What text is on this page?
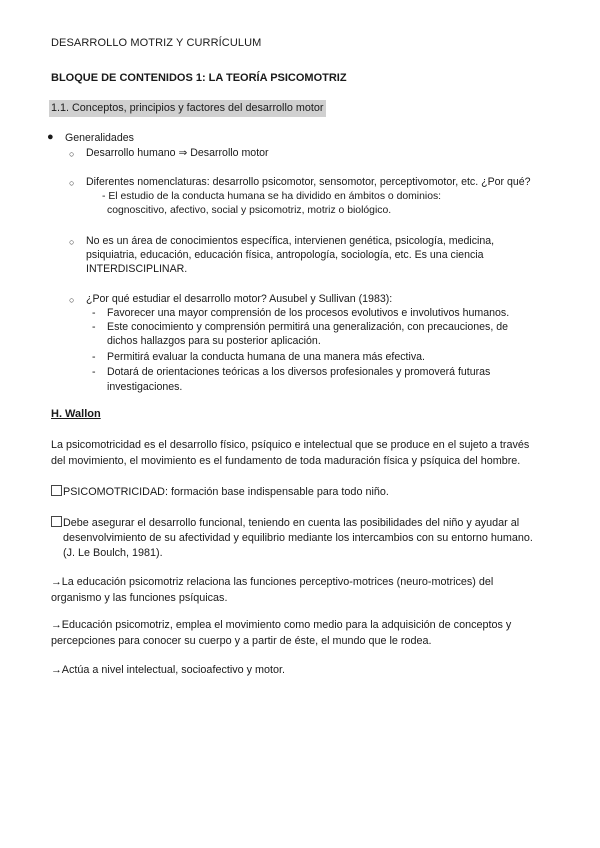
DESARROLLO MOTRIZ Y CURRÍCULUM
BLOQUE DE CONTENIDOS 1: LA TEORÍA PSICOMOTRIZ
1.1. Conceptos, principios y factores del desarrollo motor
● Generalidades
○ Desarrollo humano ⇒ Desarrollo motor
○ Diferentes nomenclaturas: desarrollo psicomotor, sensomotor, perceptivomotor, etc. ¿Por qué?
- El estudio de la conducta humana se ha dividido en ámbitos o dominios:
cognoscitivo, afectivo, social y psicomotriz, motriz o biológico.
○ No es un área de conocimientos específica, intervienen genética, psicología, medicina,
psiquiatria, educación, educación física, antropología, sociología, etc. Es una ciencia
INTERDISCIPLINAR.
○ ¿Por qué estudiar el desarrollo motor? Ausubel y Sullivan (1983):
- Favorecer una mayor comprensión de los procesos evolutivos e involutivos humanos.
- Este conocimiento y comprensión permitirá una generalización, con precauciones, de
dichos hallazgos para su posterior aplicación.
- Permitirá evaluar la conducta humana de una manera más efectiva.
- Dotará de orientaciones teóricas a los diversos profesionales y promoverá futuras
investigaciones.
H. Wallon
La psicomotricidad es el desarrollo físico, psíquico e intelectual que se produce en el sujeto a través
del movimiento, el movimiento es el fundamento de toda maduración física y psíquica del hombre.
PSICOMOTRICIDAD: formación base indispensable para todo niño.
Debe asegurar el desarrollo funcional, teniendo en cuenta las posibilidades del niño y ayudar al
desenvolvimiento de su afectividad y equilibrio mediante los intercambios con su entorno humano.
(J. Le Boulch, 1981).
→La educación psicomotriz relaciona las funciones perceptivo-motrices (neuro-motrices) del
organismo y las funciones psíquicas.
→Educación psicomotriz, emplea el movimiento como medio para la adquisición de conceptos y
percepciones para conocer su cuerpo y a partir de éste, el mundo que le rodea.
→Actúa a nivel intelectual, socioafectivo y motor.
